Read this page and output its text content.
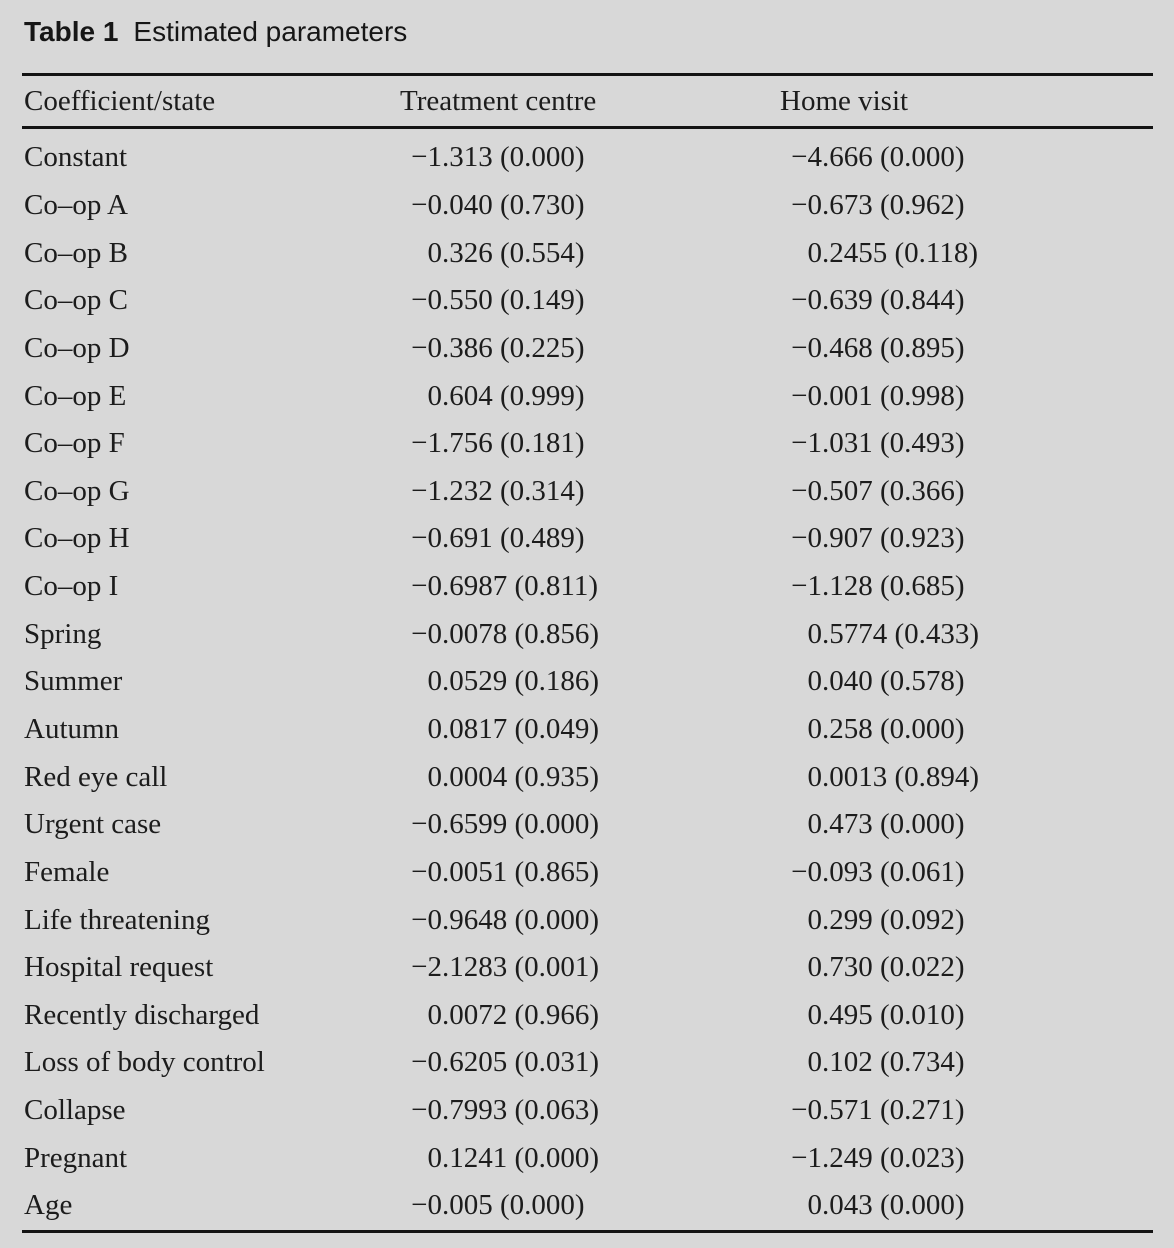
Table 1 Estimated parameters
Coefficient/state	Treatment centre	Home visit
Constant	−1.313 (0.000)	−4.666 (0.000)
Co–op A	−0.040 (0.730)	−0.673 (0.962)
Co–op B	0.326 (0.554)	0.2455 (0.118)
Co–op C	−0.550 (0.149)	−0.639 (0.844)
Co–op D	−0.386 (0.225)	−0.468 (0.895)
Co–op E	0.604 (0.999)	−0.001 (0.998)
Co–op F	−1.756 (0.181)	−1.031 (0.493)
Co–op G	−1.232 (0.314)	−0.507 (0.366)
Co–op H	−0.691 (0.489)	−0.907 (0.923)
Co–op I	−0.6987 (0.811)	−1.128 (0.685)
Spring	−0.0078 (0.856)	0.5774 (0.433)
Summer	0.0529 (0.186)	0.040 (0.578)
Autumn	0.0817 (0.049)	0.258 (0.000)
Red eye call	0.0004 (0.935)	0.0013 (0.894)
Urgent case	−0.6599 (0.000)	0.473 (0.000)
Female	−0.0051 (0.865)	−0.093 (0.061)
Life threatening	−0.9648 (0.000)	0.299 (0.092)
Hospital request	−2.1283 (0.001)	0.730 (0.022)
Recently discharged	0.0072 (0.966)	0.495 (0.010)
Loss of body control	−0.6205 (0.031)	0.102 (0.734)
Collapse	−0.7993 (0.063)	−0.571 (0.271)
Pregnant	0.1241 (0.000)	−1.249 (0.023)
Age	−0.005 (0.000)	0.043 (0.000)
